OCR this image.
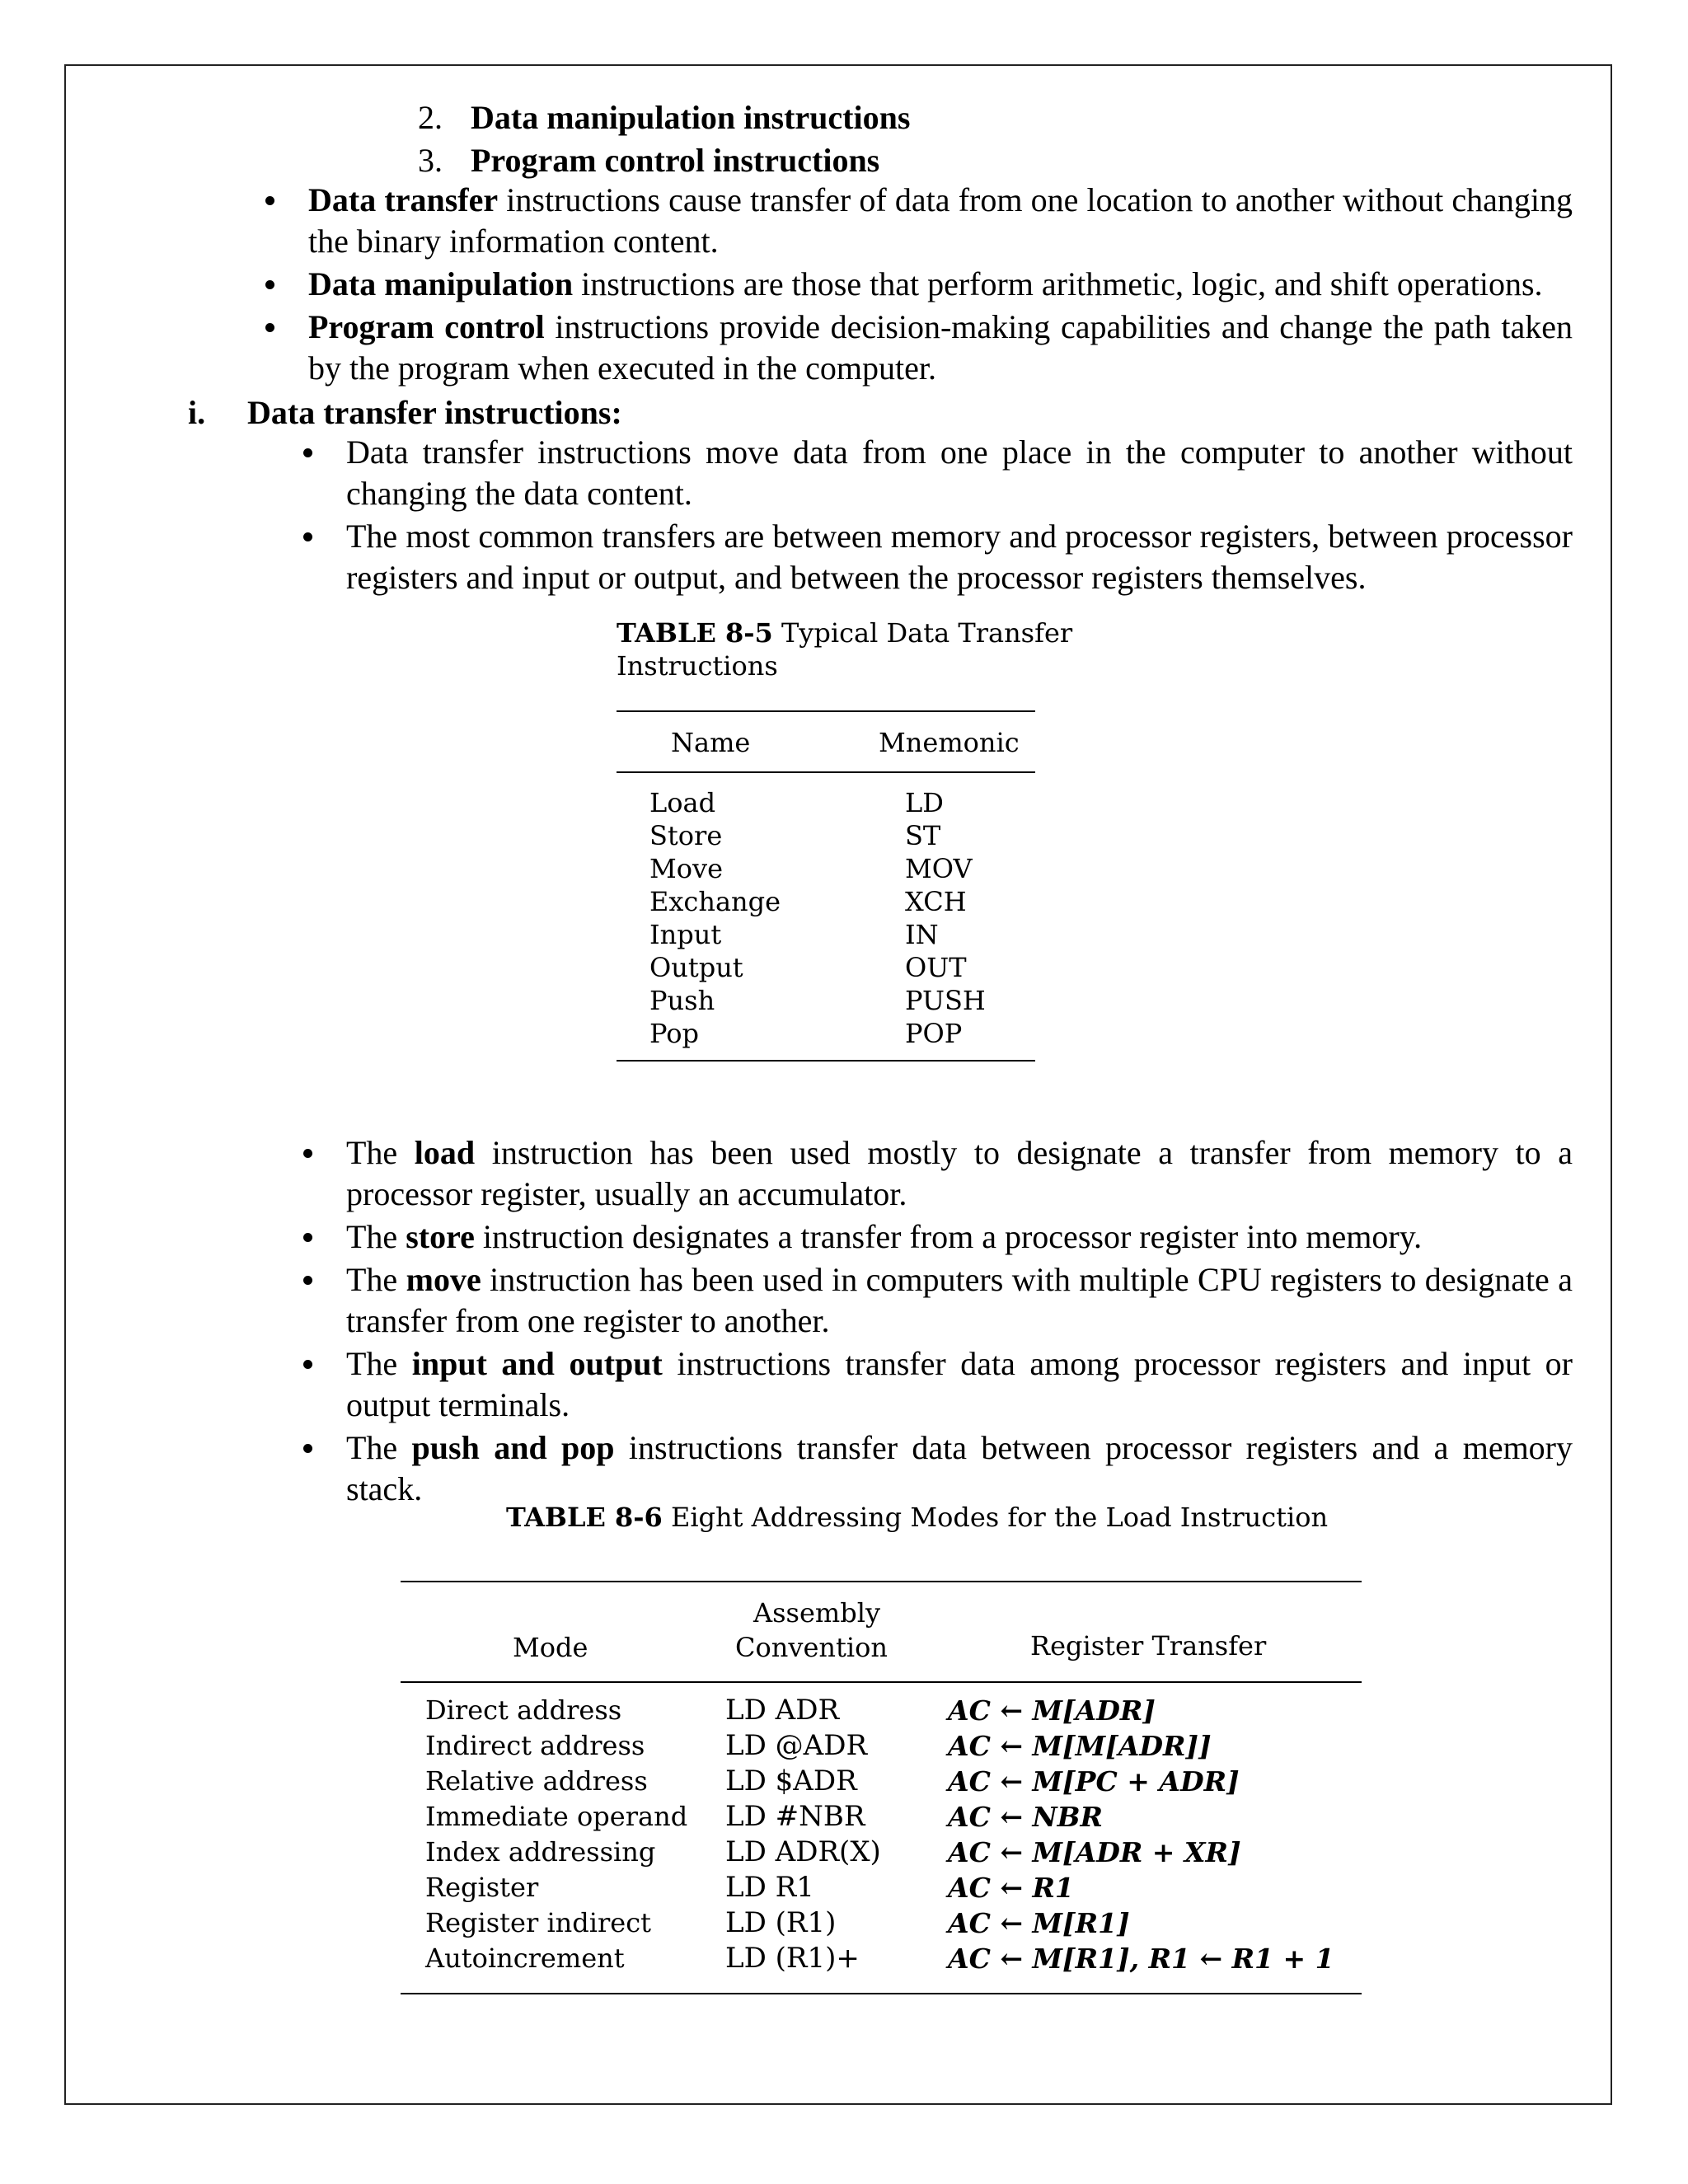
2. Data manipulation instructions
3. Program control instructions
Data transfer instructions cause transfer of data from one location to another without changing the binary information content.
Data manipulation instructions are those that perform arithmetic, logic, and shift operations.
Program control instructions provide decision-making capabilities and change the path taken by the program when executed in the computer.
i. Data transfer instructions:
Data transfer instructions move data from one place in the computer to another without changing the data content.
The most common transfers are between memory and processor registers, between processor registers and input or output, and between the processor registers themselves.
TABLE 8-5 Typical Data Transfer
Instructions
Name	Mnemonic
Load
Store
Move
Exchange
Input
Output
Push
Pop
LD
ST
MOV
XCH
IN
OUT
PUSH
POP
The load instruction has been used mostly to designate a transfer from memory to a processor register, usually an accumulator.
The store instruction designates a transfer from a processor register into memory.
The move instruction has been used in computers with multiple CPU registers to designate a transfer from one register to another.
The input and output instructions transfer data among processor registers and input or output terminals.
The push and pop instructions transfer data between processor registers and a memory stack.
TABLE 8-6 Eight Addressing Modes for the Load Instruction
Mode
Assembly
Convention	Register Transfer
Direct address
Indirect address
Relative address
Immediate operand
Index addressing
Register
Register indirect
Autoincrement
LD ADR
LD @ADR
LD $ADR
LD #NBR
LD ADR(X)
LD R1
LD (R1)
LD (R1)+
AC ← M[ADR]
AC ← M[M[ADR]]
AC ← M[PC + ADR]
AC ← NBR
AC ← M[ADR + XR]
AC ← R1
AC ← M[R1]
AC ← M[R1], R1 ← R1 + 1
